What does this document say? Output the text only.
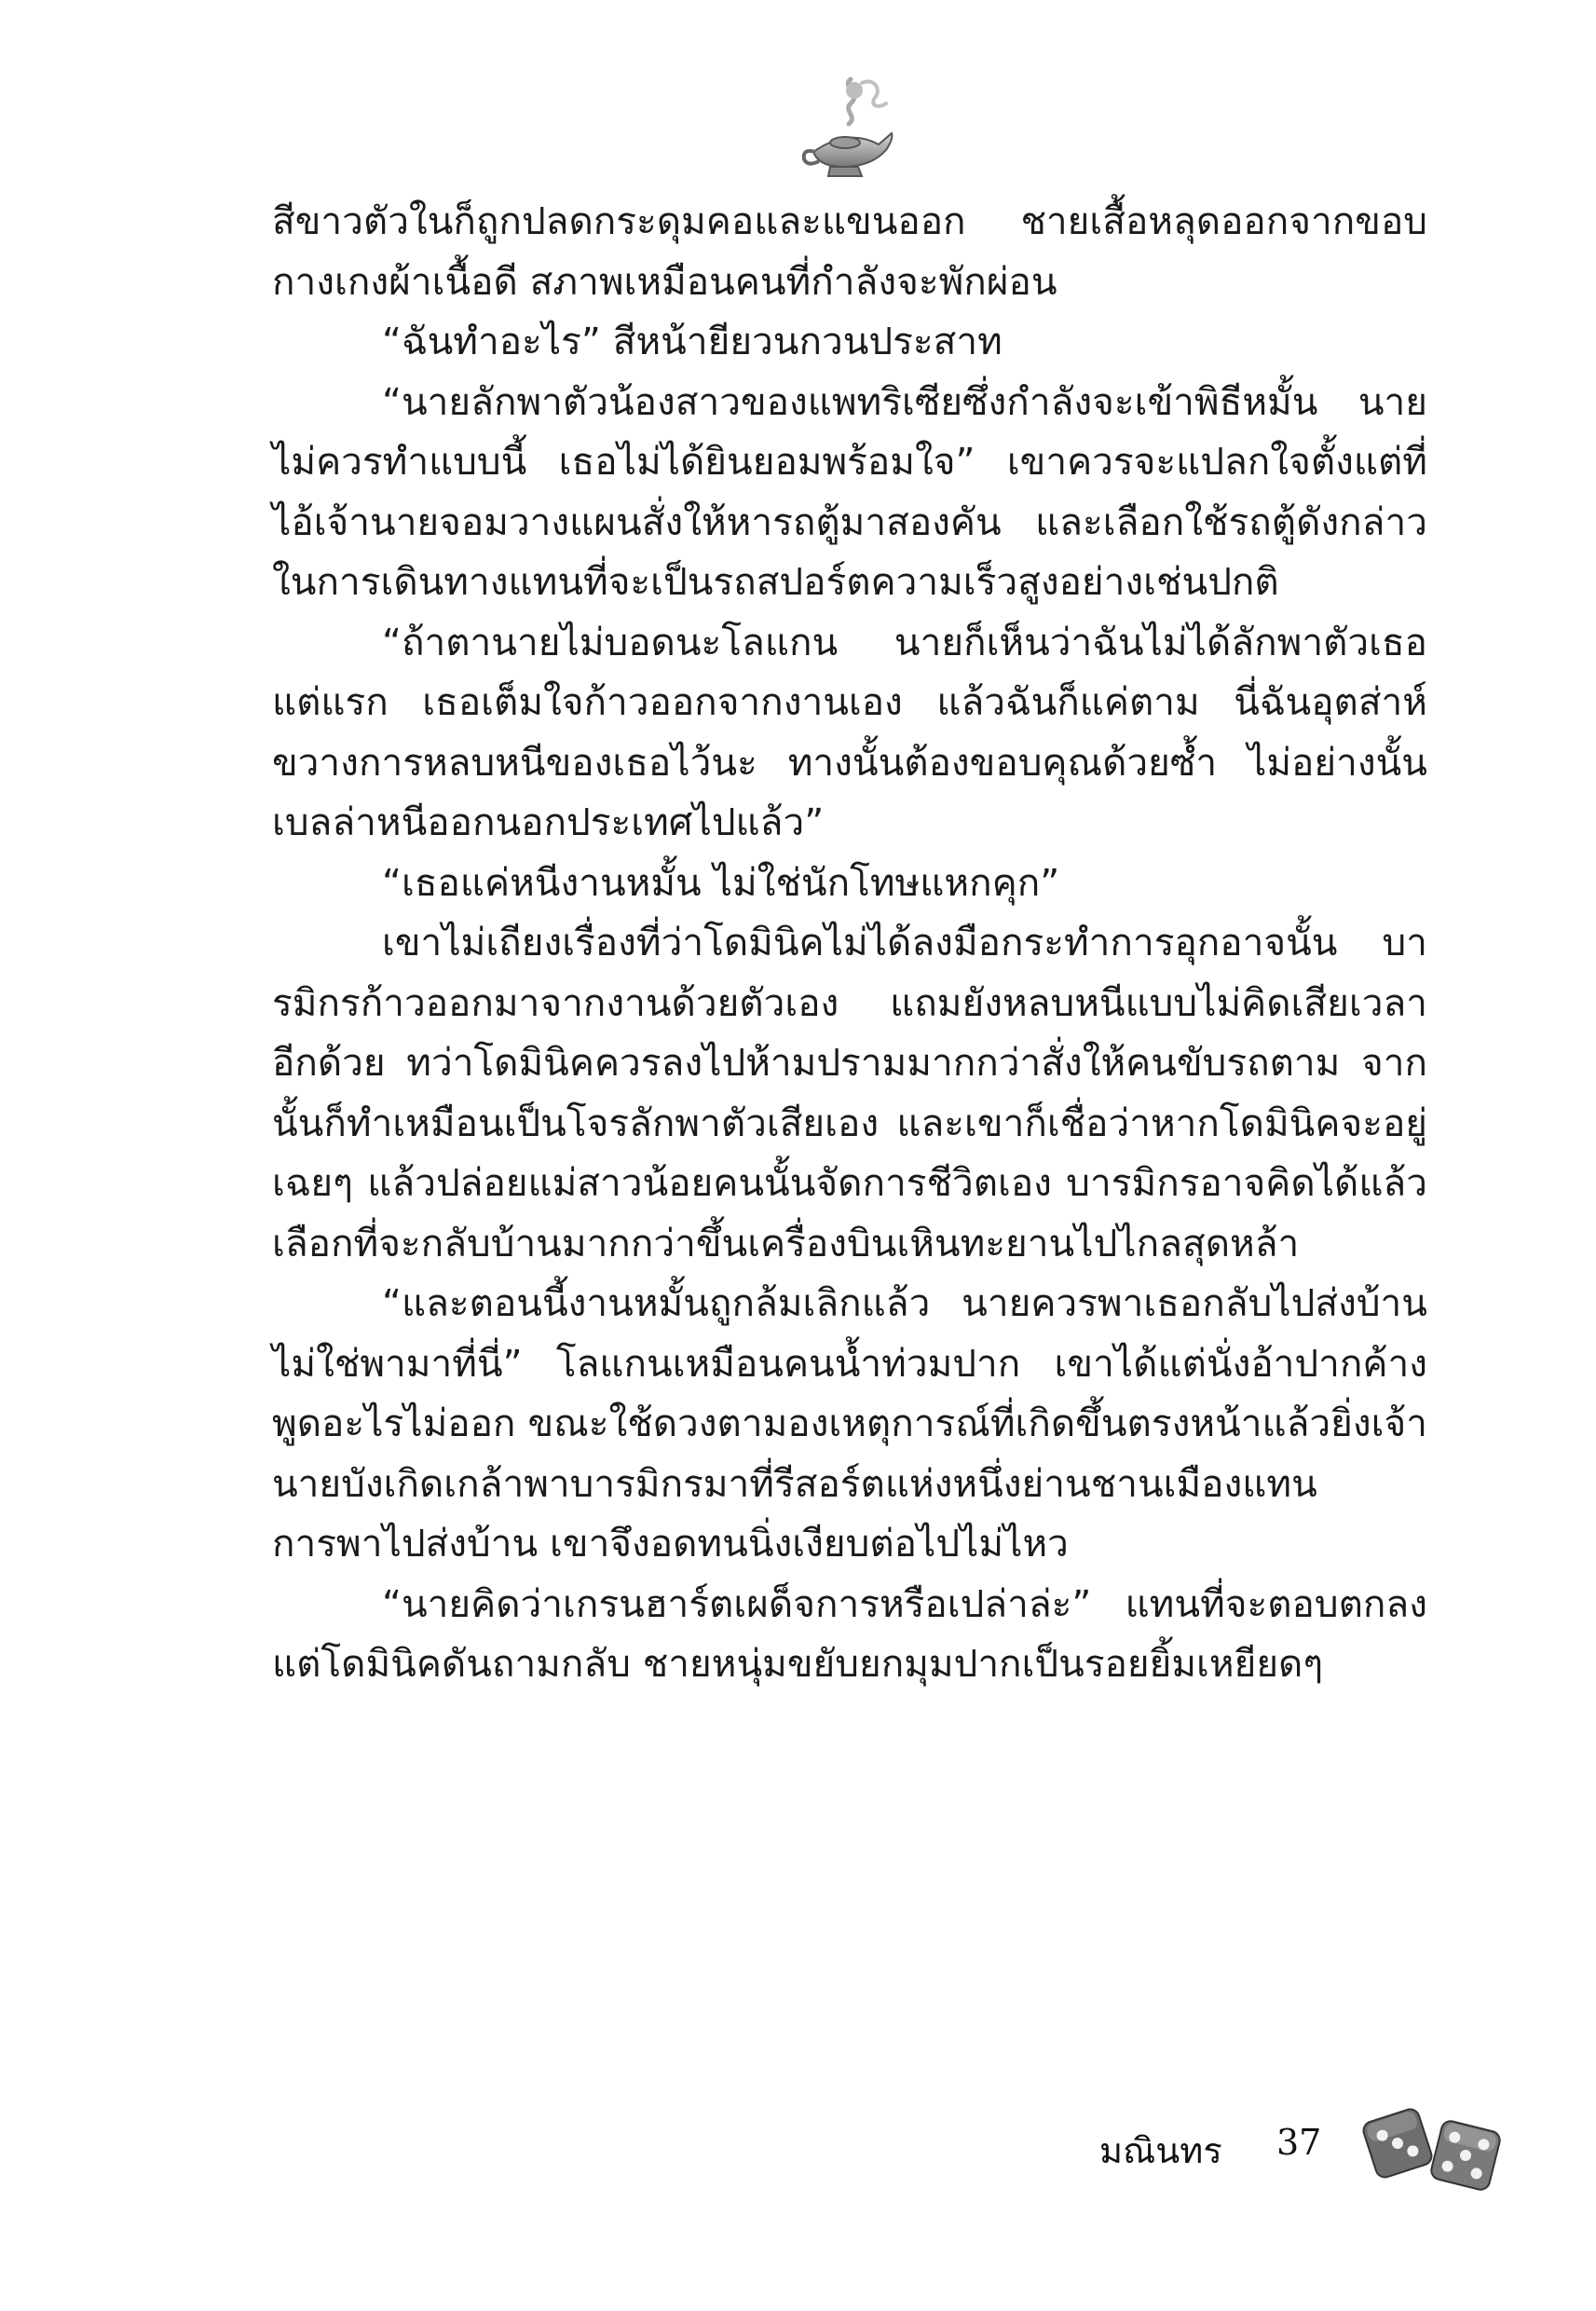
สีขาวตัวในก็ถูกปลดกระดุมคอและแขนออก ชายเสื้อหลุดออกจากขอบกางเกงผ้าเนื้อดี สภาพเหมือนคนที่กำลังจะพักผ่อน

“ฉันทำอะไร” สีหน้ายียวนกวนประสาท

“นายลักพาตัวน้องสาวของแพทริเซียซึ่งกำลังจะเข้าพิธีหมั้น นายไม่ควรทำแบบนี้ เธอไม่ได้ยินยอมพร้อมใจ” เขาควรจะแปลกใจตั้งแต่ที่ไอ้เจ้านายจอมวางแผนสั่งให้หารถตู้มาสองคัน และเลือกใช้รถตู้ดังกล่าวในการเดินทางแทนที่จะเป็นรถสปอร์ตความเร็วสูงอย่างเช่นปกติ

“ถ้าตานายไม่บอดนะโลแกน นายก็เห็นว่าฉันไม่ได้ลักพาตัวเธอแต่แรก เธอเต็มใจก้าวออกจากงานเอง แล้วฉันก็แค่ตาม นี่ฉันอุตส่าห์ขวางการหลบหนีของเธอไว้นะ ทางนั้นต้องขอบคุณด้วยซ้ำ ไม่อย่างนั้นเบลล่าหนีออกนอกประเทศไปแล้ว”

“เธอแค่หนีงานหมั้น ไม่ใช่นักโทษแหกคุก”

เขาไม่เถียงเรื่องที่ว่าโดมินิคไม่ได้ลงมือกระทำการอุกอาจนั้น บารมิกรก้าวออกมาจากงานด้วยตัวเอง แถมยังหลบหนีแบบไม่คิดเสียเวลาอีกด้วย ทว่าโดมินิคควรลงไปห้ามปรามมากกว่าสั่งให้คนขับรถตาม จากนั้นก็ทำเหมือนเป็นโจรลักพาตัวเสียเอง และเขาก็เชื่อว่าหากโดมินิคจะอยู่เฉยๆ แล้วปล่อยแม่สาวน้อยคนนั้นจัดการชีวิตเอง บารมิกรอาจคิดได้แล้วเลือกที่จะกลับบ้านมากกว่าขึ้นเครื่องบินเหินทะยานไปไกลสุดหล้า

“และตอนนี้งานหมั้นถูกล้มเลิกแล้ว นายควรพาเธอกลับไปส่งบ้าน ไม่ใช่พามาที่นี่” โลแกนเหมือนคนน้ำท่วมปาก เขาได้แต่นั่งอ้าปากค้างพูดอะไรไม่ออก ขณะใช้ดวงตามองเหตุการณ์ที่เกิดขึ้นตรงหน้าแล้วยิ่งเจ้านายบังเกิดเกล้าพาบารมิกรมาที่รีสอร์ตแห่งหนึ่งย่านชานเมืองแทนการพาไปส่งบ้าน เขาจึงอดทนนิ่งเงียบต่อไปไม่ไหว

“นายคิดว่าเกรนฮาร์ตเผด็จการหรือเปล่าล่ะ” แทนที่จะตอบตกลงแต่โดมินิคดันถามกลับ ชายหนุ่มขยับยกมุมปากเป็นรอยยิ้มเหยียดๆ

มณินทร 37
